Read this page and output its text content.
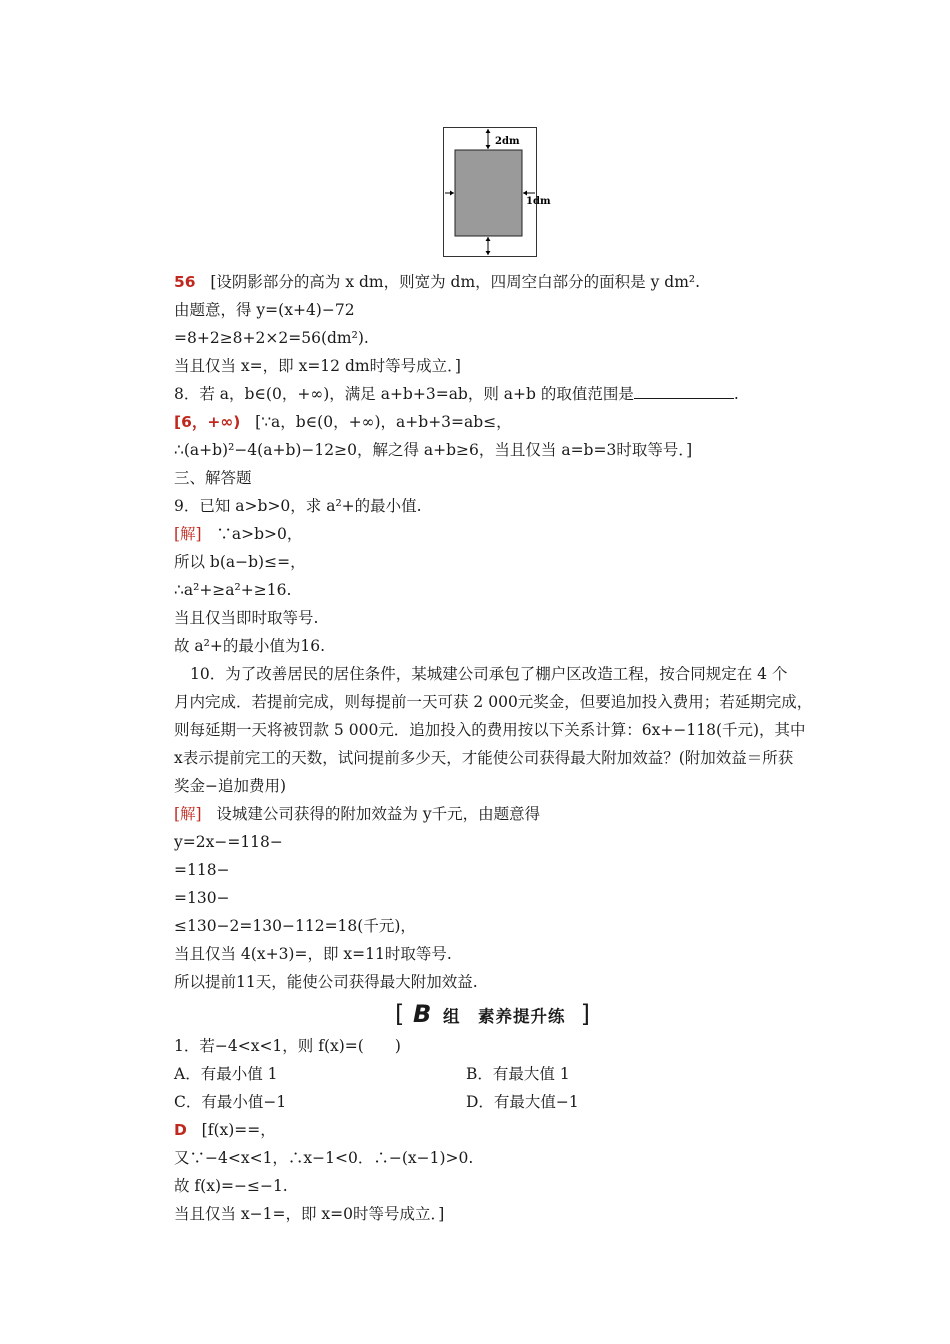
2dm
1dm
56 [设阴影部分的高为 x dm，则宽为 dm，四周空白部分的面积是 y dm².
由题意，得 y=(x+4)−72
=8+2≥8+2×2=56(dm²).
当且仅当 x=，即 x=12 dm时等号成立．]
8．若 a，b∈(0，+∞)，满足 a+b+3=ab，则 a+b 的取值范围是	.
[6，+∞) [∵a，b∈(0，+∞)，a+b+3=ab≤，
∴(a+b)²−4(a+b)−12≥0，解之得 a+b≥6，当且仅当 a=b=3时取等号．]
三、解答题
9．已知 a>b>0，求 a²+的最小值.
[解] ∵a>b>0，
所以 b(a−b)≤=，
∴a²+≥a²+≥16.
当且仅当即时取等号.
故 a²+的最小值为16.
10．为了改善居民的居住条件，某城建公司承包了棚户区改造工程，按合同规定在 4 个
月内完成．若提前完成，则每提前一天可获 2 000元奖金，但要追加投入费用；若延期完成，
则每延期一天将被罚款 5 000元．追加投入的费用按以下关系计算：6x+−118(千元)，其中
x表示提前完工的天数，试问提前多少天，才能使公司获得最大附加效益？(附加效益＝所获
奖金−追加费用)
[解] 设城建公司获得的附加效益为 y千元，由题意得
y=2x−=118−
=118−
=130−
≤130−2=130−112=18(千元)，
当且仅当 4(x+3)=，即 x=11时取等号.
所以提前11天，能使公司获得最大附加效益.
[ B 组　素养提升练 ]
1．若−4<x<1，则 f(x)=(　　)
A．有最小值 1	B．有最大值 1
C．有最小值−1	D．有最大值−1
D [f(x)==，
又∵−4<x<1，∴x−1<0．∴−(x−1)>0.
故 f(x)=−≤−1.
当且仅当 x−1=，即 x=0时等号成立．]
